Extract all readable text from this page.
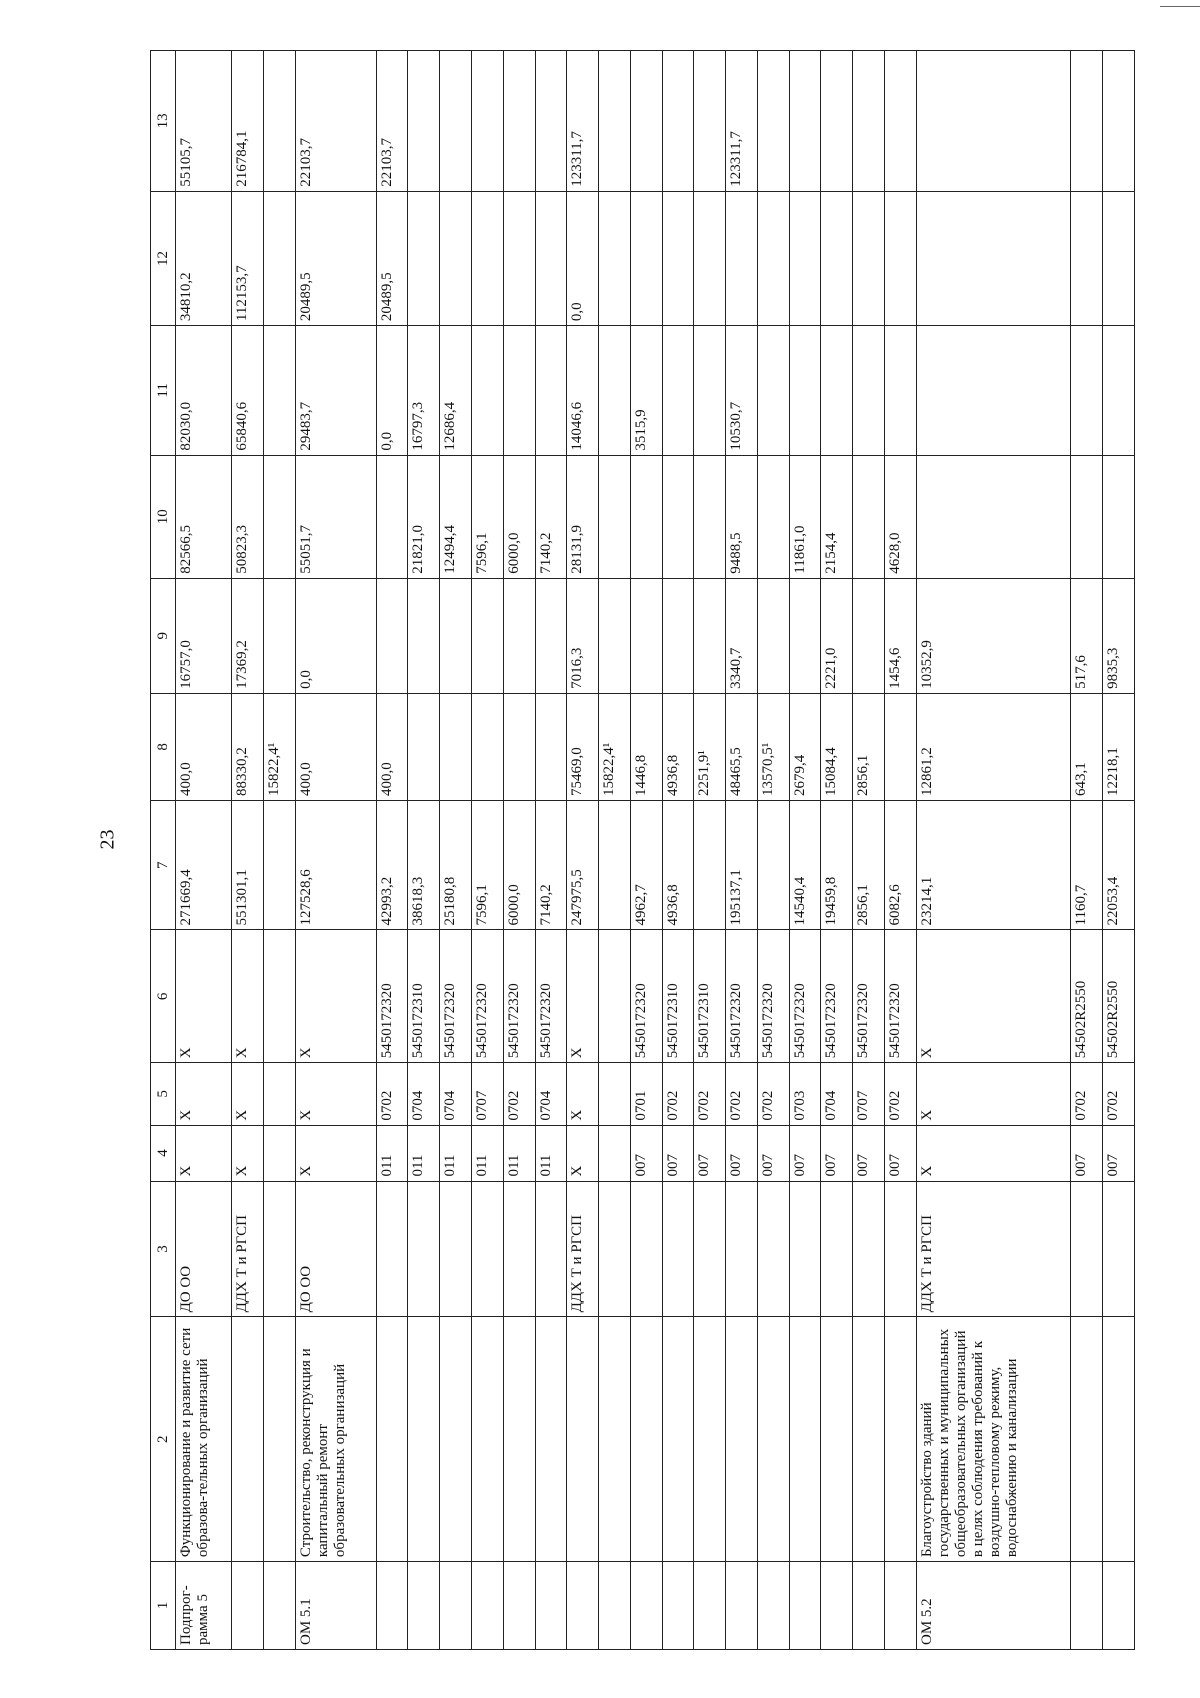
23
1	2	3	4	5	6	7	8	9	10	11	12	13
Подпрог-рамма 5	Функционирование и развитие сети образова-тельных организаций	ДО ОО	Х	Х	Х	271669,4	400,0	16757,0	82566,5	82030,0	34810,2	55105,7
		ДДХ Т и РГСП	Х	Х	Х	551301,1	88330,2	17369,2	50823,3	65840,6	112153,7	216784,1
							15822,4¹					
ОМ 5.1	Строительство, реконструкция и капитальный ремонт образовательных организаций	ДО ОО	Х	Х	Х	127528,6	400,0	0,0	55051,7	29483,7	20489,5	22103,7
			011	0702	5450172320	42993,2	400,0			0,0	20489,5	22103,7
			011	0704	5450172310	38618,3			21821,0	16797,3		
			011	0704	5450172320	25180,8			12494,4	12686,4		
			011	0707	5450172320	7596,1			7596,1			
			011	0702	5450172320	6000,0			6000,0			
			011	0704	5450172320	7140,2			7140,2			
		ДДХ Т и РГСП	Х	Х	Х	247975,5	75469,0	7016,3	28131,9	14046,6	0,0	123311,7
							15822,4¹					
			007	0701	5450172320	4962,7	1446,8			3515,9		
			007	0702	5450172310	4936,8	4936,8					
			007	0702	5450172310		2251,9¹					
			007	0702	5450172320	195137,1	48465,5	3340,7	9488,5	10530,7		123311,7
			007	0702	5450172320		13570,5¹					
			007	0703	5450172320	14540,4	2679,4		11861,0			
			007	0704	5450172320	19459,8	15084,4	2221,0	2154,4			
			007	0707	5450172320	2856,1	2856,1					
			007	0702	5450172320	6082,6		1454,6	4628,0			
ОМ 5.2	Благоустройство зданий государственных и муниципальных общеобразовательных организаций в целях соблюдения требований к воздушно-тепловому режиму, водоснабжению и канализации	ДДХ Т и РГСП	Х	Х	Х	23214,1	12861,2	10352,9				
			007	0702	54502R2550	1160,7	643,1	517,6				
			007	0702	54502R2550	22053,4	12218,1	9835,3				
